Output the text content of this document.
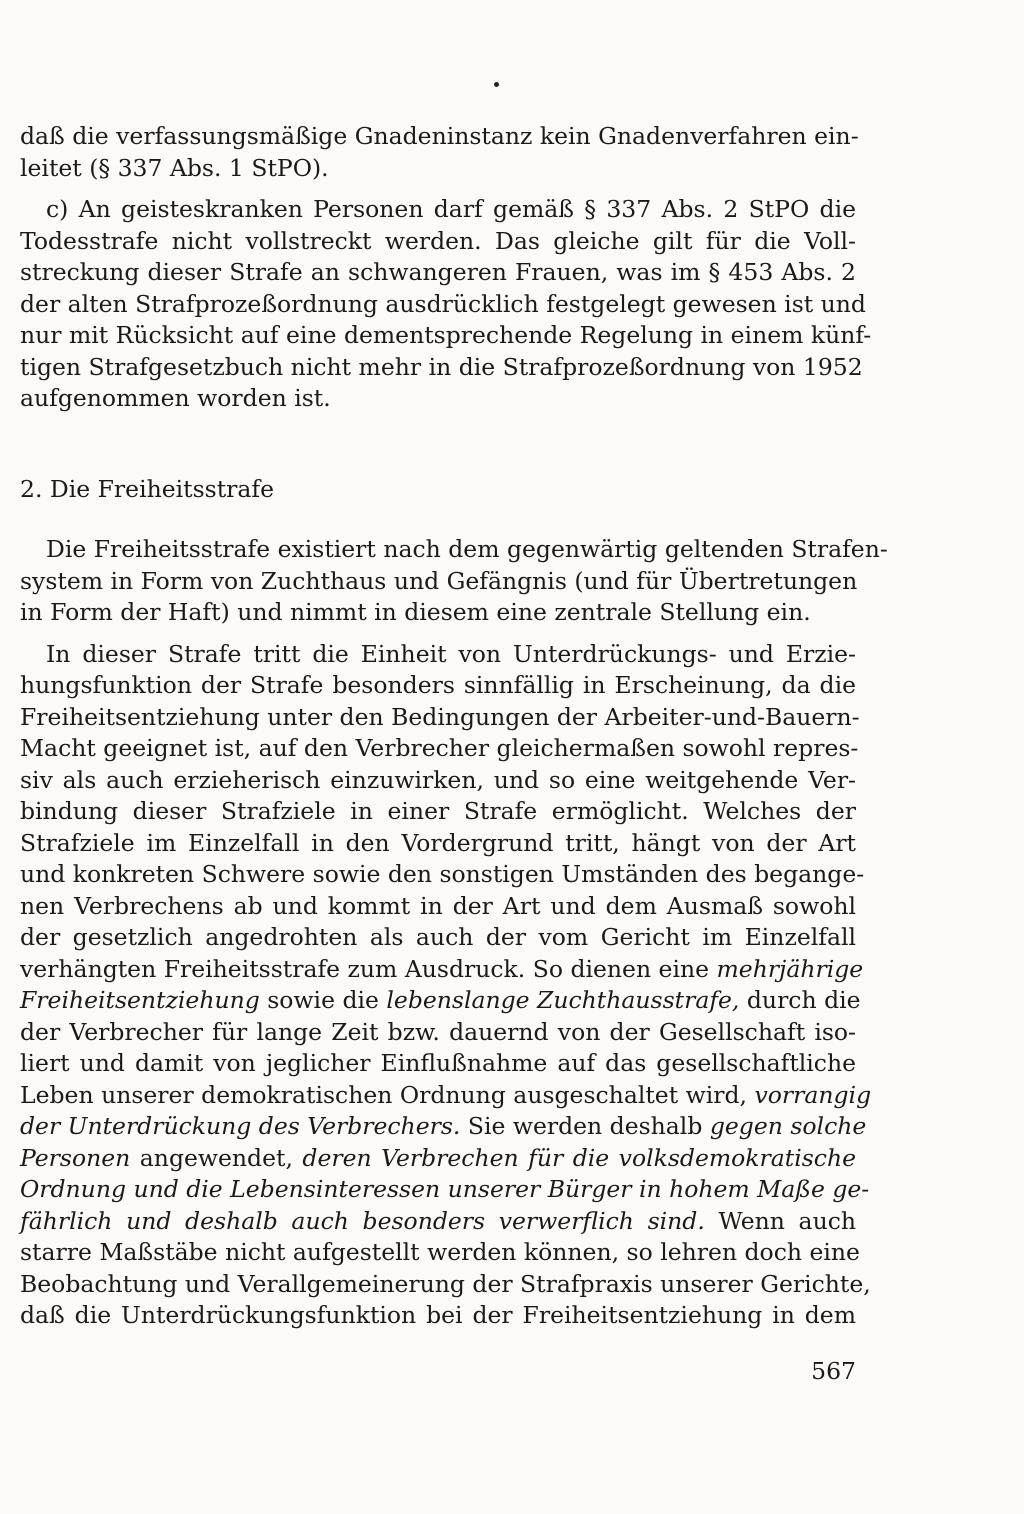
daß die verfassungsmäßige Gnadeninstanz kein Gnadenverfahren ein-
leitet (§ 337 Abs. 1 StPO).
c) An geisteskranken Personen darf gemäß § 337 Abs. 2 StPO die
Todesstrafe nicht vollstreckt werden. Das gleiche gilt für die Voll-
streckung dieser Strafe an schwangeren Frauen, was im § 453 Abs. 2
der alten Strafprozeßordnung ausdrücklich festgelegt gewesen ist und
nur mit Rücksicht auf eine dementsprechende Regelung in einem künf-
tigen Strafgesetzbuch nicht mehr in die Strafprozeßordnung von 1952
aufgenommen worden ist.
2. Die Freiheitsstrafe
Die Freiheitsstrafe existiert nach dem gegenwärtig geltenden Strafen-
system in Form von Zuchthaus und Gefängnis (und für Übertretungen
in Form der Haft) und nimmt in diesem eine zentrale Stellung ein.
In dieser Strafe tritt die Einheit von Unterdrückungs- und Erzie-
hungsfunktion der Strafe besonders sinnfällig in Erscheinung, da die
Freiheitsentziehung unter den Bedingungen der Arbeiter-und-Bauern-
Macht geeignet ist, auf den Verbrecher gleichermaßen sowohl repres-
siv als auch erzieherisch einzuwirken, und so eine weitgehende Ver-
bindung dieser Strafziele in einer Strafe ermöglicht. Welches der
Strafziele im Einzelfall in den Vordergrund tritt, hängt von der Art
und konkreten Schwere sowie den sonstigen Umständen des begange-
nen Verbrechens ab und kommt in der Art und dem Ausmaß sowohl
der gesetzlich angedrohten als auch der vom Gericht im Einzelfall
verhängten Freiheitsstrafe zum Ausdruck. So dienen eine mehrjährige
Freiheitsentziehung sowie die lebenslange Zuchthausstrafe, durch die
der Verbrecher für lange Zeit bzw. dauernd von der Gesellschaft iso-
liert und damit von jeglicher Einflußnahme auf das gesellschaftliche
Leben unserer demokratischen Ordnung ausgeschaltet wird, vorrangig
der Unterdrückung des Verbrechers. Sie werden deshalb gegen solche
Personen angewendet, deren Verbrechen für die volksdemokratische
Ordnung und die Lebensinteressen unserer Bürger in hohem Maße ge-
fährlich und deshalb auch besonders verwerflich sind. Wenn auch
starre Maßstäbe nicht aufgestellt werden können, so lehren doch eine
Beobachtung und Verallgemeinerung der Strafpraxis unserer Gerichte,
daß die Unterdrückungsfunktion bei der Freiheitsentziehung in dem
567
